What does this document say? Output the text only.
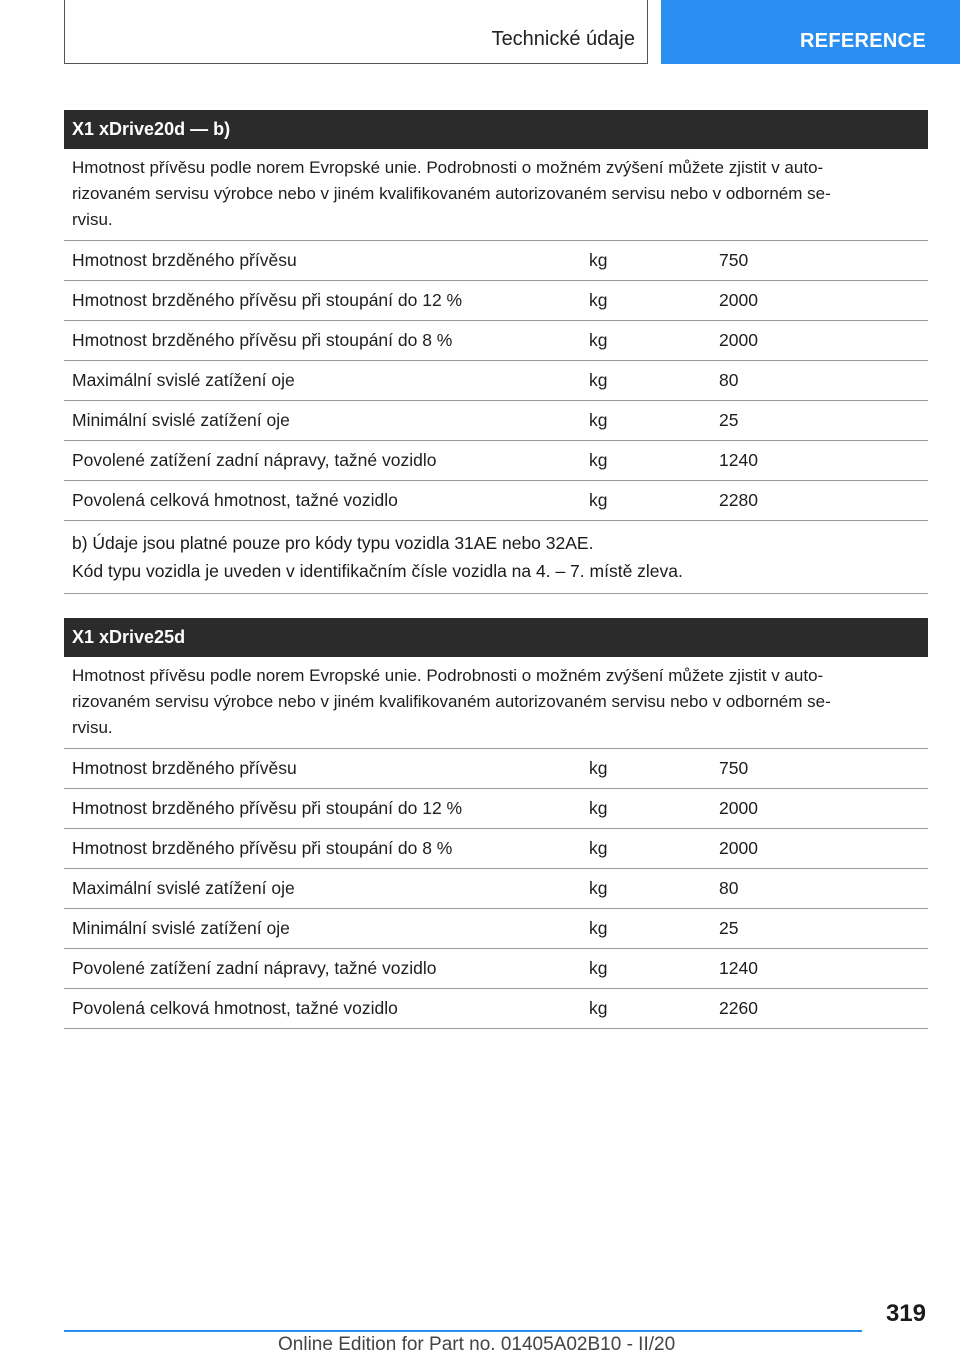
Technické údaje	REFERENCE
X1 xDrive20d — b)
Hmotnost přívěsu podle norem Evropské unie. Podrobnosti o možném zvýšení můžete zjistit v auto-
rizovaném servisu výrobce nebo v jiném kvalifikovaném autorizovaném servisu nebo v odborném se-
rvisu.
Hmotnost brzděného přívěsu	kg	750
Hmotnost brzděného přívěsu při stoupání do 12 %	kg	2000
Hmotnost brzděného přívěsu při stoupání do 8 %	kg	2000
Maximální svislé zatížení oje	kg	80
Minimální svislé zatížení oje	kg	25
Povolené zatížení zadní nápravy, tažné vozidlo	kg	1240
Povolená celková hmotnost, tažné vozidlo	kg	2280
b) Údaje jsou platné pouze pro kódy typu vozidla 31AE nebo 32AE.
Kód typu vozidla je uveden v identifikačním čísle vozidla na 4. – 7. místě zleva.
X1 xDrive25d
Hmotnost přívěsu podle norem Evropské unie. Podrobnosti o možném zvýšení můžete zjistit v auto-
rizovaném servisu výrobce nebo v jiném kvalifikovaném autorizovaném servisu nebo v odborném se-
rvisu.
Hmotnost brzděného přívěsu	kg	750
Hmotnost brzděného přívěsu při stoupání do 12 %	kg	2000
Hmotnost brzděného přívěsu při stoupání do 8 %	kg	2000
Maximální svislé zatížení oje	kg	80
Minimální svislé zatížení oje	kg	25
Povolené zatížení zadní nápravy, tažné vozidlo	kg	1240
Povolená celková hmotnost, tažné vozidlo	kg	2260
319
Online Edition for Part no. 01405A02B10 - II/20
